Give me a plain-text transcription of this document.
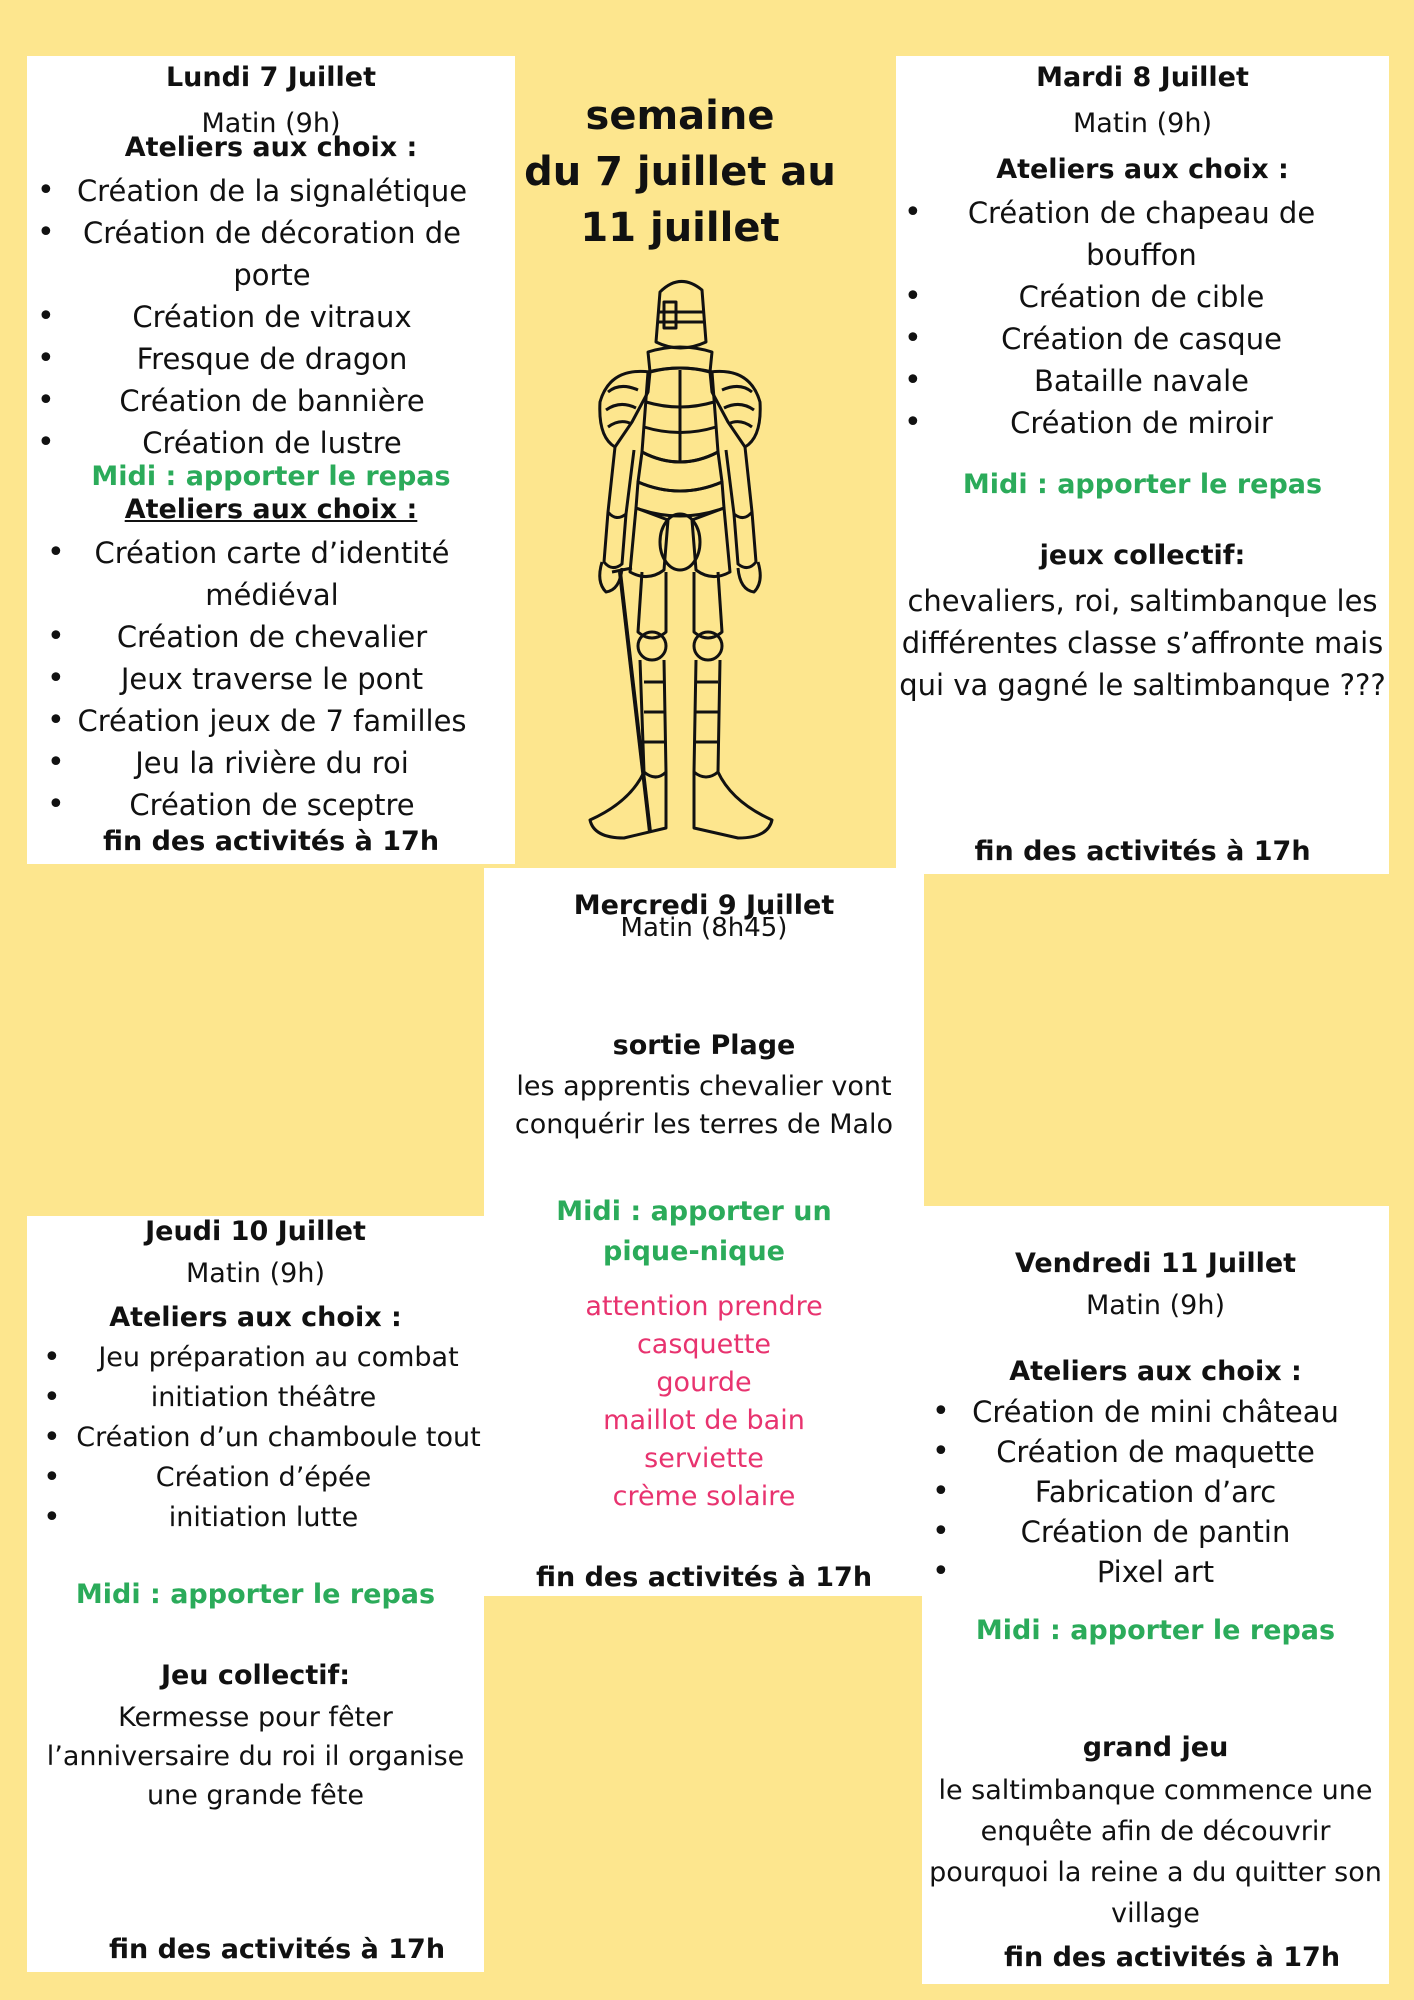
semaine
du 7 juillet au
11 juillet
Lundi 7 Juillet
Matin (9h)
Ateliers aux choix :
• Création de la signalétique
• Création de décoration de porte
• Création de vitraux
• Fresque de dragon
• Création de bannière
• Création de lustre
Midi : apporter le repas
Ateliers aux choix :
• Création carte d’identité médiéval
• Création de chevalier
• Jeux traverse le pont
• Création jeux de 7 familles
• Jeu la rivière du roi
• Création de sceptre
fin des activités à 17h
Mardi 8 Juillet
Matin (9h)
Ateliers aux choix :
• Création de chapeau de bouffon
• Création de cible
• Création de casque
• Bataille navale
• Création de miroir
Midi : apporter le repas
jeux collectif:
chevaliers, roi, saltimbanque les différentes classe s’affronte mais qui va gagné le saltimbanque ???
fin des activités à 17h
Mercredi 9 Juillet
Matin (8h45)
sortie Plage
les apprentis chevalier vont conquérir les terres de Malo
Midi : apporter un pique-nique
attention prendre
casquette
gourde
maillot de bain
serviette
crème solaire
fin des activités à 17h
Jeudi 10 Juillet
Matin (9h)
Ateliers aux choix :
• Jeu préparation au combat
• initiation théâtre
• Création d’un chamboule tout
• Création d’épée
• initiation lutte
Midi : apporter le repas
Jeu collectif:
Kermesse pour fêter l’anniversaire du roi il organise une grande fête
fin des activités à 17h
Vendredi 11 Juillet
Matin (9h)
Ateliers aux choix :
• Création de mini château
• Création de maquette
• Fabrication d’arc
• Création de pantin
• Pixel art
Midi : apporter le repas
grand jeu
le saltimbanque commence une enquête afin de découvrir pourquoi la reine a du quitter son village
fin des activités à 17h
